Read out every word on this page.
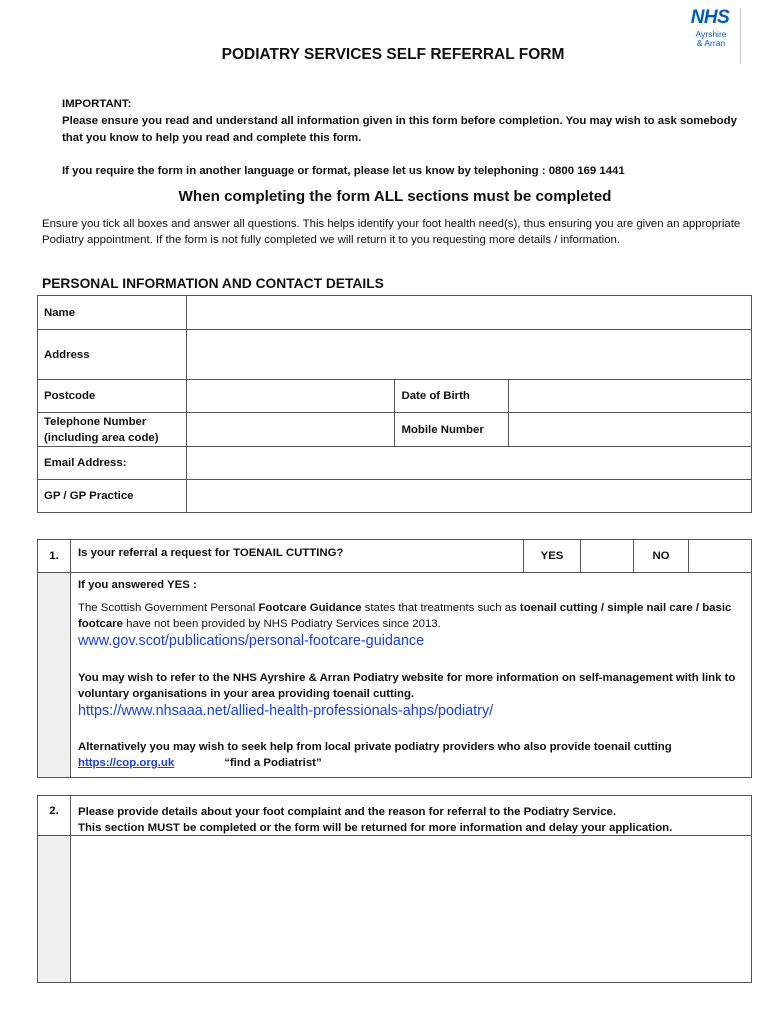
NHS
Ayrshire
& Arran
PODIATRY SERVICES SELF REFERRAL FORM

IMPORTANT:

Please ensure you read and understand all information given in this form before completion. You may wish to ask somebody that you know to help you read and complete this form.

If you require the form in another language or format, please let us know by telephoning : 0800 169 1441

When completing the form ALL sections must be completed
Ensure you tick all boxes and answer all questions. This helps identify your foot health need(s), thus ensuring you are given an appropriate Podiatry appointment. If the form is not fully completed we will return it to you requesting more details / information.
PERSONAL INFORMATION AND CONTACT DETAILS
Name			
Address			
Postcode		Date of Birth	

Telephone Number
(including area code)		Mobile Number	
Email Address:			
GP / GP Practice			
1.	Is your referral a request for TOENAIL CUTTING?	YES	NO

If you answered YES :

The Scottish Government Personal Footcare Guidance states that treatments such as toenail cutting / simple nail care / basic footcare have not been provided by NHS Podiatry Services since 2013.

www.gov.scot/publications/personal-footcare-guidance

You may wish to refer to the NHS Ayrshire & Arran Podiatry website for more information on self-management with link to voluntary organisations in your area providing toenail cutting.

https://www.nhsaaa.net/allied-health-professionals-ahps/podiatry/

Alternatively you may wish to seek help from local private podiatry providers who also provide toenail cutting

https://cop.org.uk	“find a Podiatrist”

2.	Please provide details about your foot complaint and the reason for referral to the Podiatry Service.
This section MUST be completed or the form will be returned for more information and delay your application.
